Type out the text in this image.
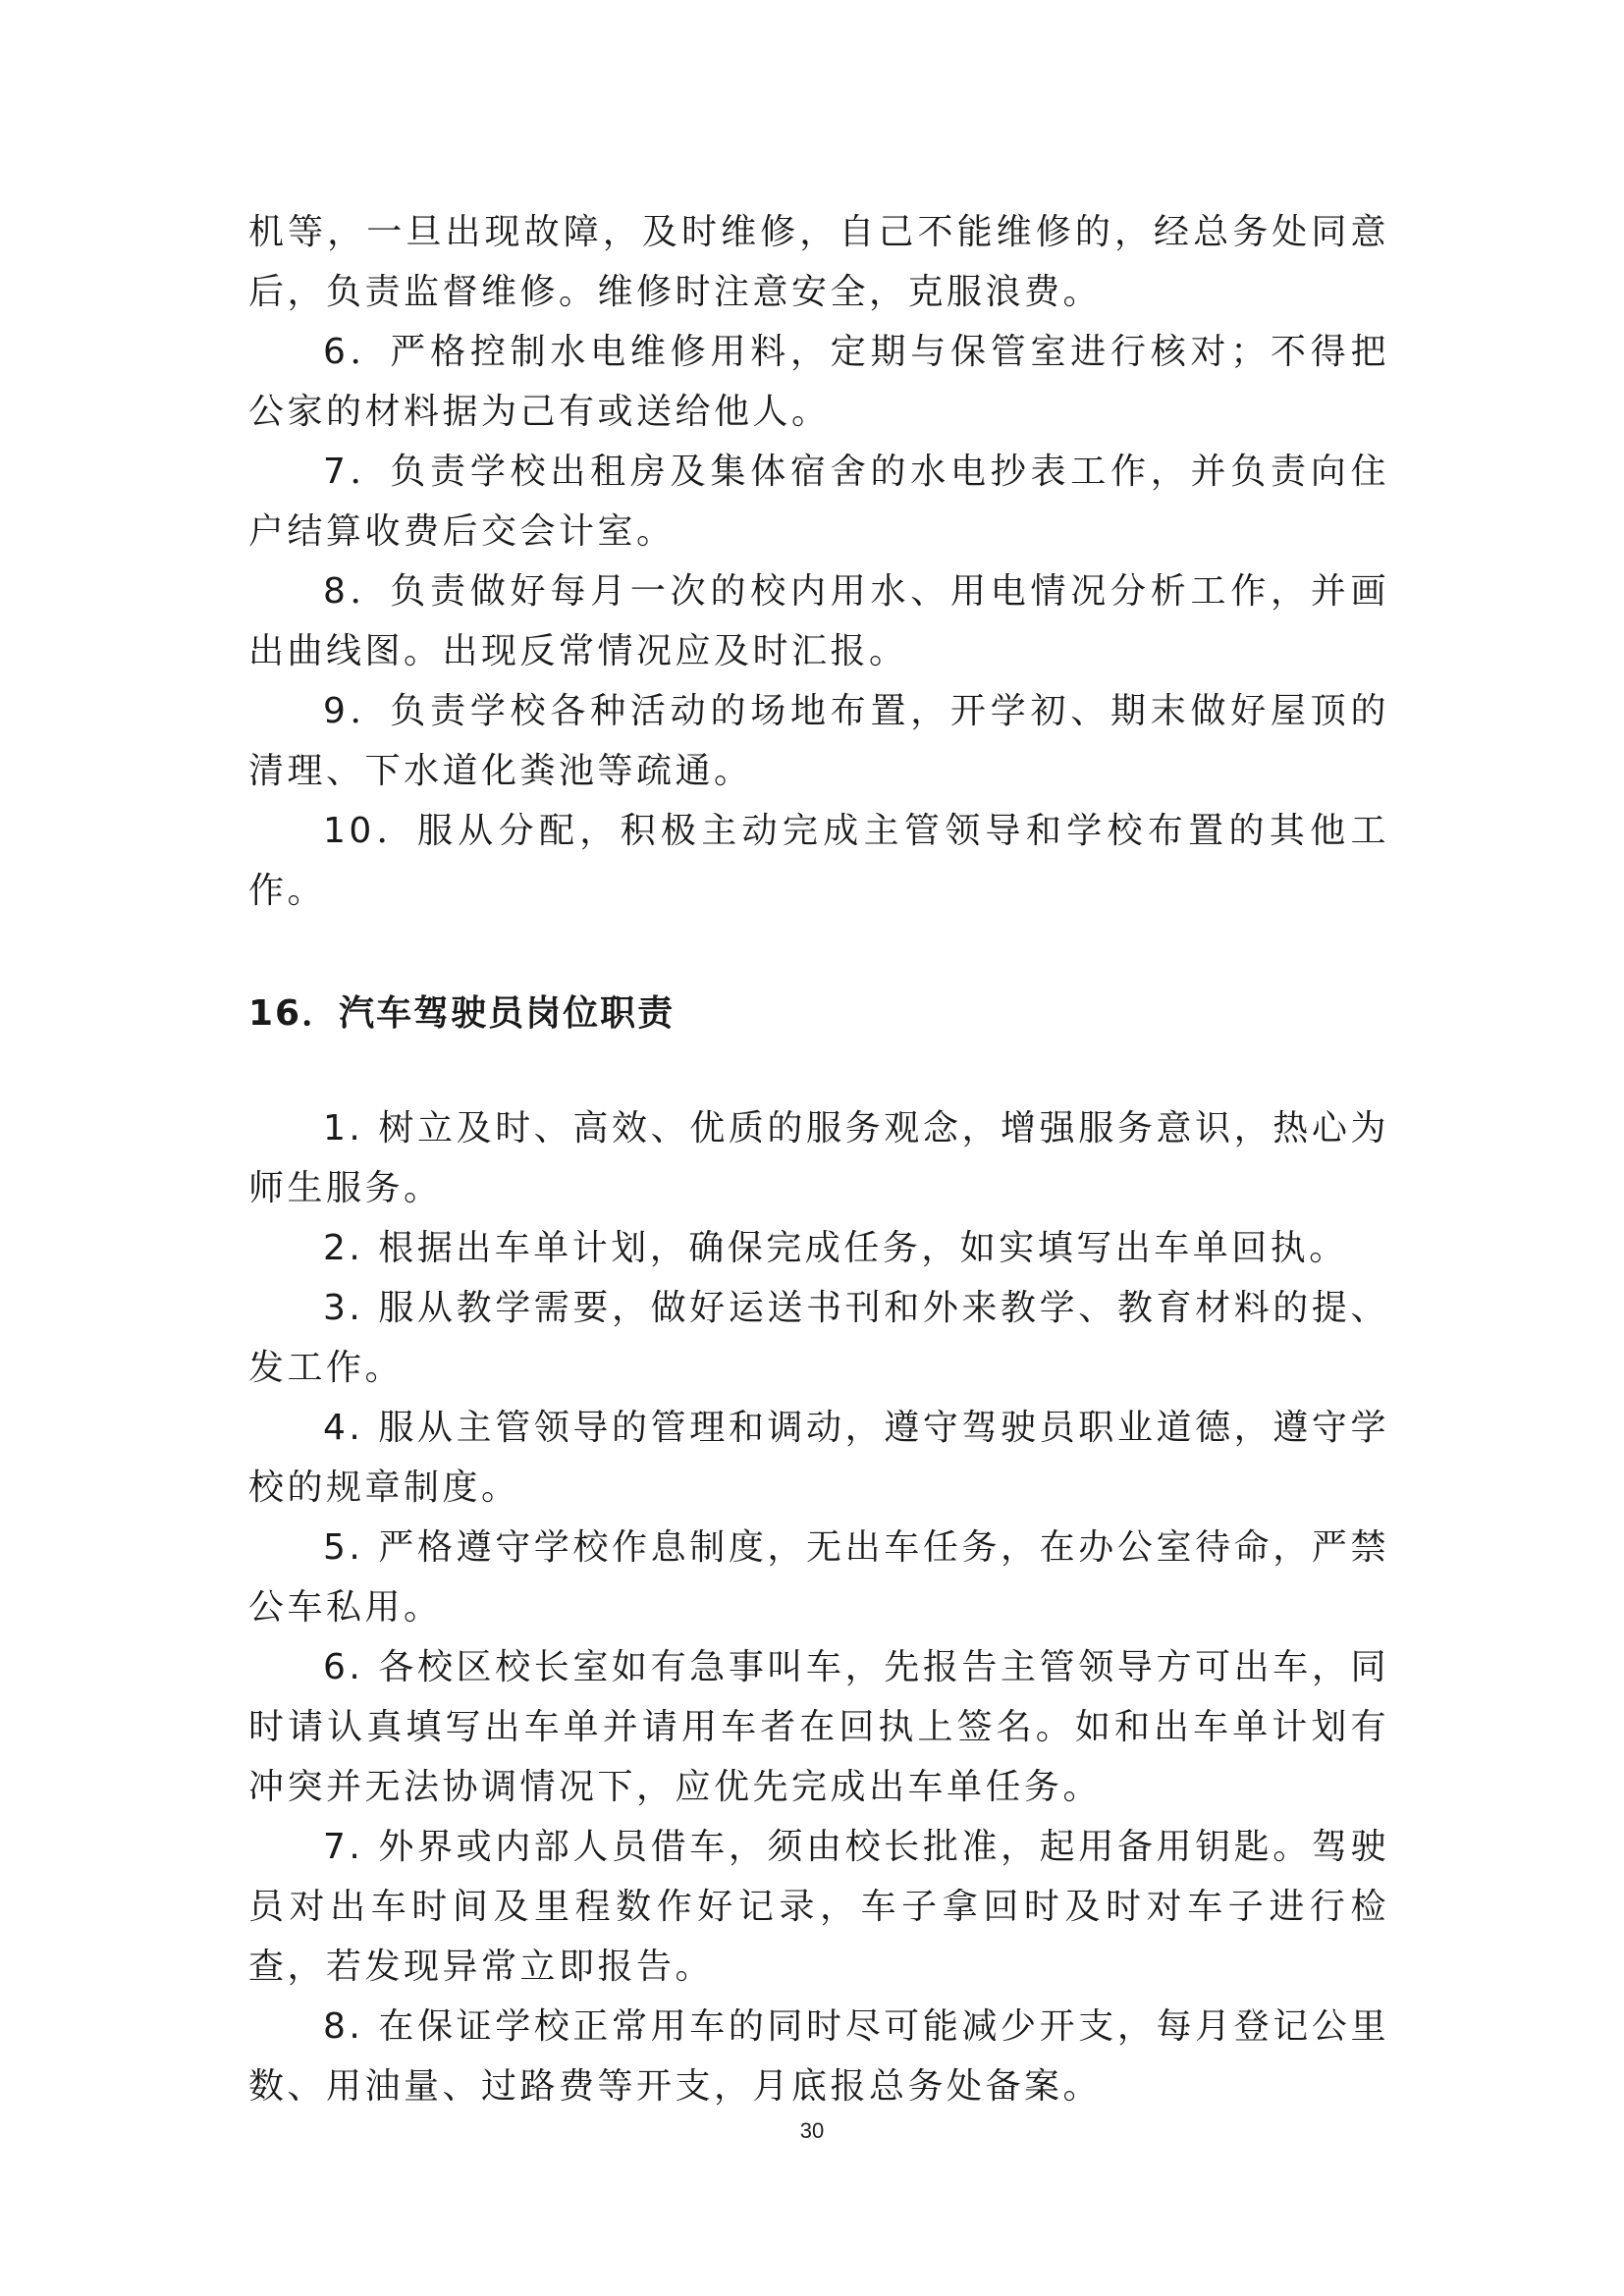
机等，一旦出现故障，及时维修，自己不能维修的，经总务处同意后，负责监督维修。维修时注意安全，克服浪费。

6．严格控制水电维修用料，定期与保管室进行核对；不得把公家的材料据为己有或送给他人。

7．负责学校出租房及集体宿舍的水电抄表工作，并负责向住户结算收费后交会计室。

8．负责做好每月一次的校内用水、用电情况分析工作，并画出曲线图。出现反常情况应及时汇报。

9．负责学校各种活动的场地布置，开学初、期末做好屋顶的清理、下水道化粪池等疏通。

10．服从分配，积极主动完成主管领导和学校布置的其他工作。

16．汽车驾驶员岗位职责

1. 树立及时、高效、优质的服务观念，增强服务意识，热心为师生服务。

2. 根据出车单计划，确保完成任务，如实填写出车单回执。

3. 服从教学需要，做好运送书刊和外来教学、教育材料的提、发工作。

4. 服从主管领导的管理和调动，遵守驾驶员职业道德，遵守学校的规章制度。

5. 严格遵守学校作息制度，无出车任务，在办公室待命，严禁公车私用。

6. 各校区校长室如有急事叫车，先报告主管领导方可出车，同时请认真填写出车单并请用车者在回执上签名。如和出车单计划有冲突并无法协调情况下，应优先完成出车单任务。

7. 外界或内部人员借车，须由校长批准，起用备用钥匙。驾驶员对出车时间及里程数作好记录，车子拿回时及时对车子进行检查，若发现异常立即报告。

8. 在保证学校正常用车的同时尽可能减少开支，每月登记公里数、用油量、过路费等开支，月底报总务处备案。

30
